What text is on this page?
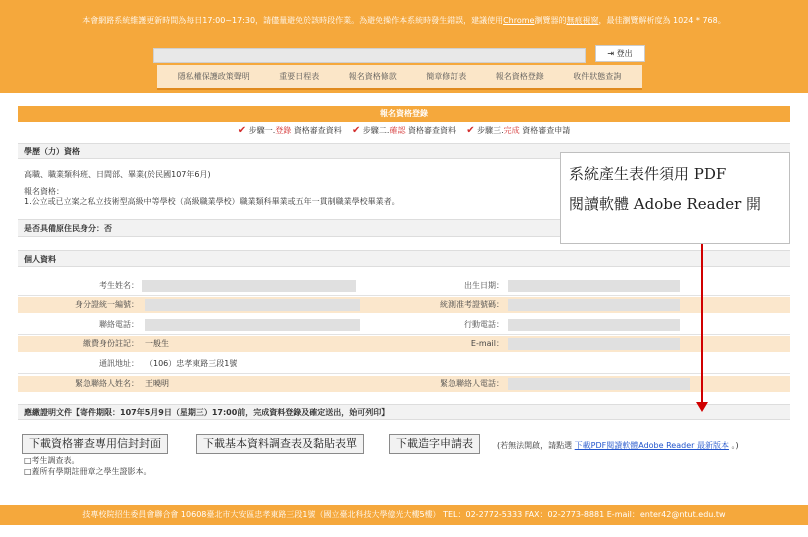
本會網路系統維護更新時間為每日17:00~17:30，請儘量避免於該時段作業。為避免操作本系統時發生錯誤，建議使用Chrome瀏覽器的無痕視窗，最佳瀏覽解析度為 1024 * 768。
⇥ 登出
隱私權保護政策聲明	重要日程表	報名資格條款	簡章修訂表	報名資格登錄	收件狀態查詢
報名資格登錄
✔ 步驟一.登錄 資格審查資料 ✔ 步驟二.確認 資格審查資料 ✔ 步驟三.完成 資格審查申請
學歷（力）資格
高職、職業類科班、日間部、畢業(於民國107年6月)
報名資格：
1.公立或已立案之私立技術型高級中等學校（高級職業學校）職業類科畢業或五年一貫制職業學校畢業者。
是否具備原住民身分：否
個人資料
考生姓名：	出生日期：
身分證統一編號：	統測准考證號碼：
聯絡電話：	行動電話：
繳費身份註記： 一般生	E-mail：
通訊地址： （106）忠孝東路三段1號
緊急聯絡人姓名： 王曉明	緊急聯絡人電話：
應繳證明文件【寄件期限：107年5月9日（星期三）17:00前，完成資料登錄及確定送出，始可列印】
下載資格審查專用信封封面	下載基本資料調查表及黏貼表單	下載造字申請表	(若無法開啟，請點選 下載PDF閱讀軟體Adobe Reader 最新版本 。)
□考生調查表。
□蓋所有學期註冊章之學生證影本。
系統產生表件須用 PDF
閱讀軟體 Adobe Reader 開
技專校院招生委員會聯合會 10608臺北市大安區忠孝東路三段1號（國立臺北科技大學億光大樓5樓） TEL：02-2772-5333 FAX：02-2773-8881 E-mail：enter42@ntut.edu.tw
